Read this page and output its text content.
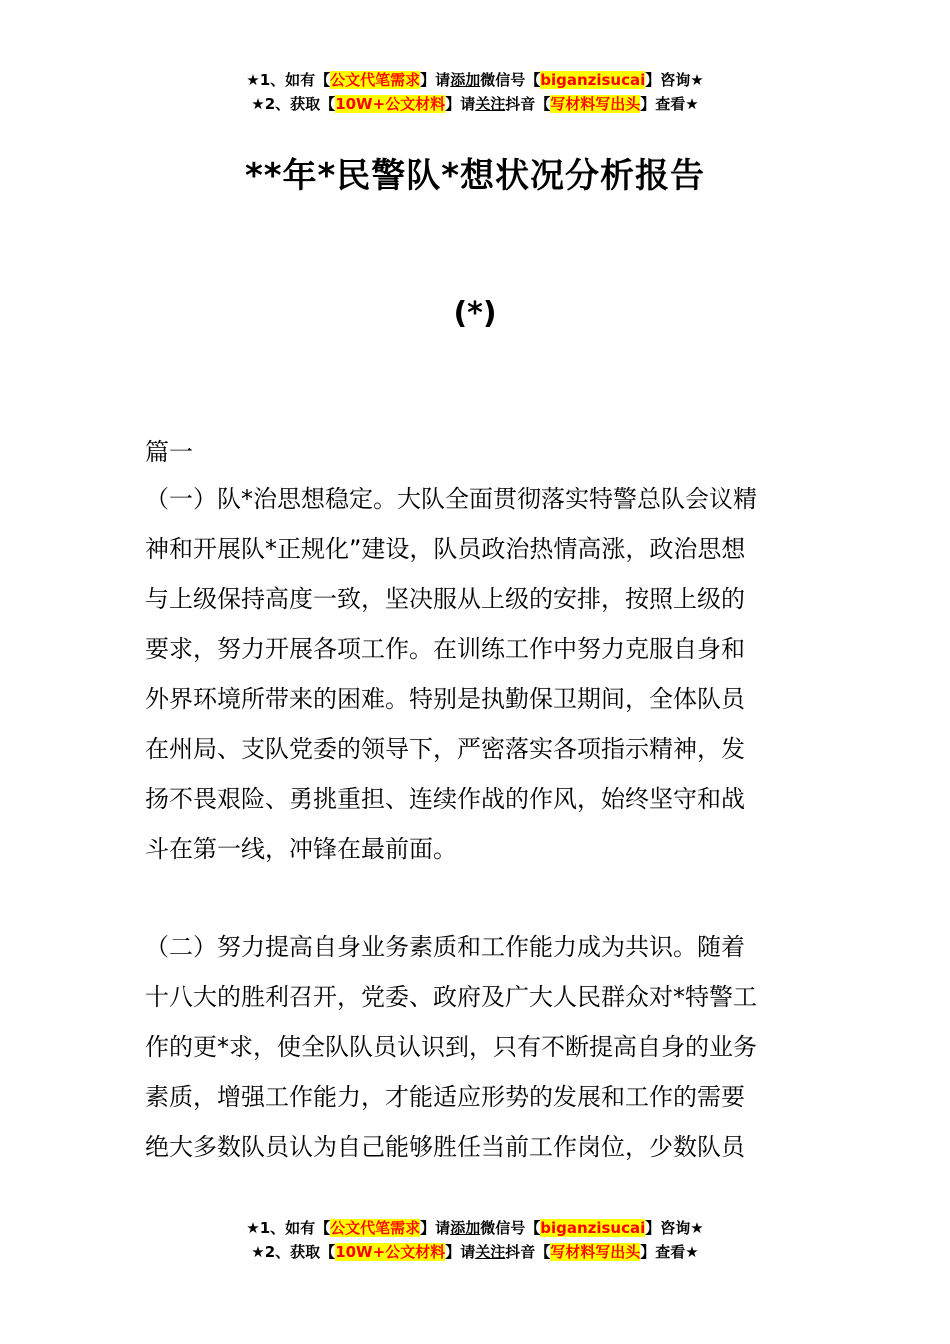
★1、如有【公文代笔需求】请添加微信号【biganzisucai】咨询★
★2、获取【10W+公文材料】请关注抖音【写材料写出头】查看★
**年*民警队*想状况分析报告
(*)
篇一
（一）队*治思想稳定。大队全面贯彻落实特警总队会议精
神和开展队*正规化”建设，队员政治热情高涨，政治思想
与上级保持高度一致，坚决服从上级的安排，按照上级的
要求，努力开展各项工作。在训练工作中努力克服自身和
外界环境所带来的困难。特别是执勤保卫期间，全体队员
在州局、支队党委的领导下，严密落实各项指示精神，发
扬不畏艰险、勇挑重担、连续作战的作风，始终坚守和战
斗在第一线，冲锋在最前面。
（二）努力提高自身业务素质和工作能力成为共识。随着
十八大的胜利召开，党委、政府及广大人民群众对*特警工
作的更*求，使全队队员认识到，只有不断提高自身的业务
素质，增强工作能力，才能适应形势的发展和工作的需要
绝大多数队员认为自己能够胜任当前工作岗位，少数队员
★1、如有【公文代笔需求】请添加微信号【biganzisucai】咨询★
★2、获取【10W+公文材料】请关注抖音【写材料写出头】查看★
